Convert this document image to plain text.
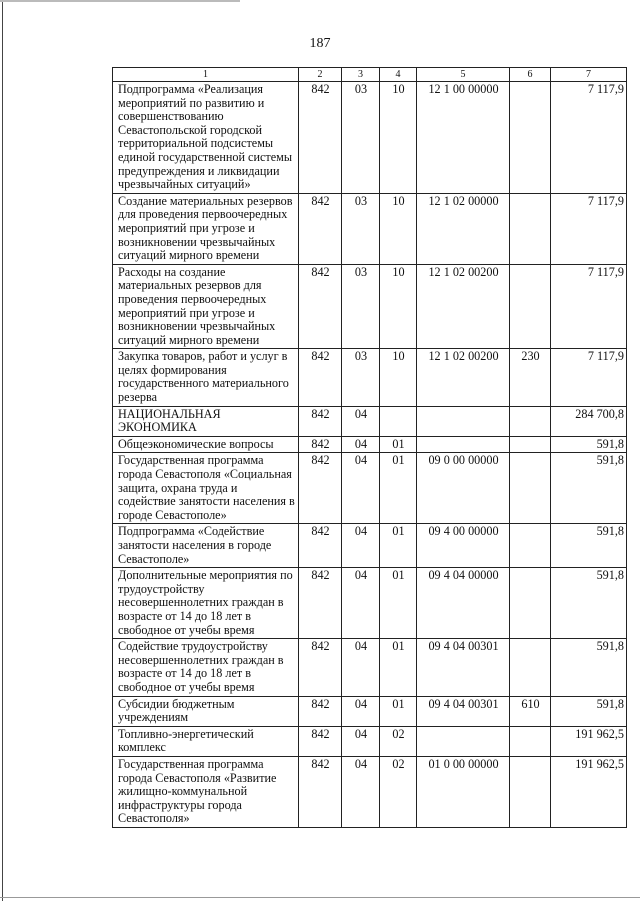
187
1	2	3	4	5	6	7
Подпрограмма «Реализация мероприятий по развитию и совершенствованию Севастопольской городской территориальной подсистемы единой государственной системы предупреждения и ликвидации чрезвычайных ситуаций»	842	03	10	12 1 00 00000		7 117,9
Создание материальных резервов для проведения первоочередных мероприятий при угрозе и возникновении чрезвычайных ситуаций мирного времени	842	03	10	12 1 02 00000		7 117,9
Расходы на создание материальных резервов для проведения первоочередных мероприятий при угрозе и возникновении чрезвычайных ситуаций мирного времени	842	03	10	12 1 02 00200		7 117,9
Закупка товаров, работ и услуг в целях формирования государственного материального резерва	842	03	10	12 1 02 00200	230	7 117,9
НАЦИОНАЛЬНАЯ ЭКОНОМИКА	842	04				284 700,8
Общеэкономические вопросы	842	04	01			591,8
Государственная программа города Севастополя «Социальная защита, охрана труда и содействие занятости населения в городе Севастополе»	842	04	01	09 0 00 00000		591,8
Подпрограмма «Содействие занятости населения в городе Севастополе»	842	04	01	09 4 00 00000		591,8
Дополнительные мероприятия по трудоустройству несовершеннолетних граждан в возрасте от 14 до 18 лет в свободное от учебы время	842	04	01	09 4 04 00000		591,8
Содействие трудоустройству несовершеннолетних граждан в возрасте от 14 до 18 лет в свободное от учебы время	842	04	01	09 4 04 00301		591,8
Субсидии бюджетным учреждениям	842	04	01	09 4 04 00301	610	591,8
Топливно-энергетический комплекс	842	04	02			191 962,5
Государственная программа города Севастополя «Развитие жилищно-коммунальной инфраструктуры города Севастополя»	842	04	02	01 0 00 00000		191 962,5
